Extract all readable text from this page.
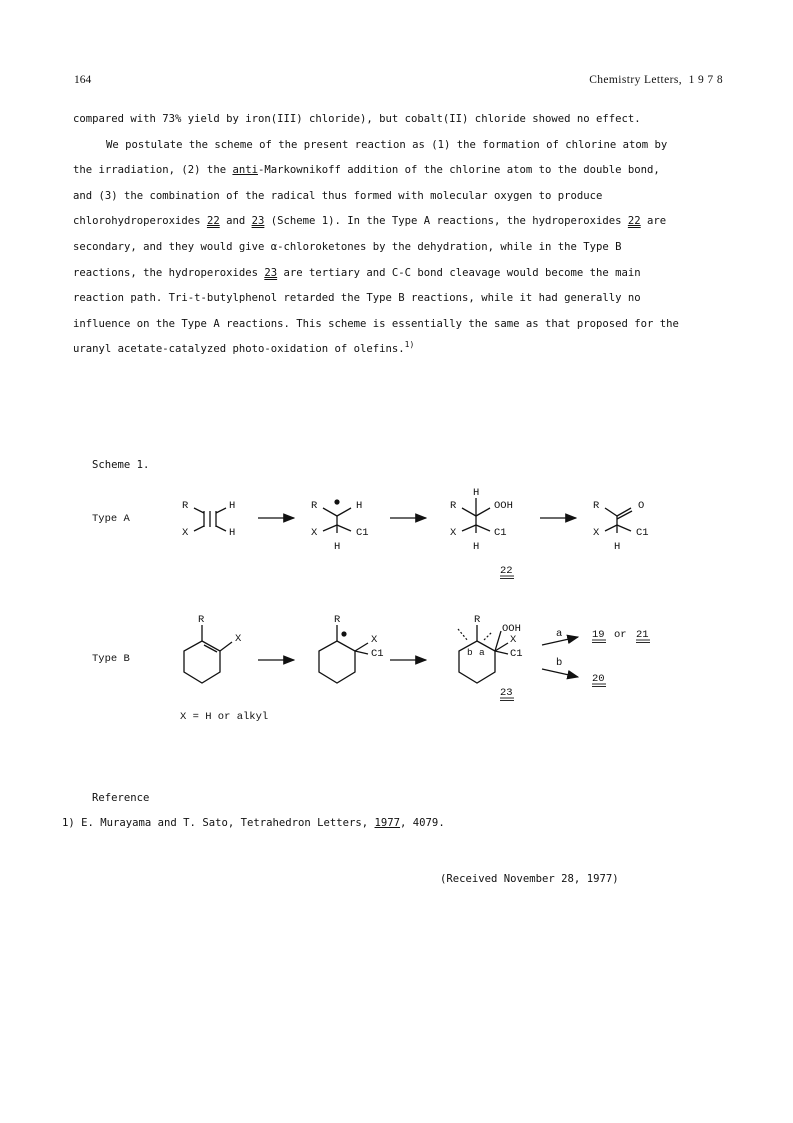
164	Chemistry Letters, 1 9 7 8

compared with 73% yield by iron(III) chloride), but cobalt(II) chloride showed no effect.

We postulate the scheme of the present reaction as (1) the formation of chlorine atom by the irradiation, (2) the anti-Markownikoff addition of the chlorine atom to the double bond, and (3) the combination of the radical thus formed with molecular oxygen to produce chlorohydroperoxides 22 and 23 (Scheme 1). In the Type A reactions, the hydroperoxides 22 are secondary, and they would give α-chloroketones by the dehydration, while in the Type B reactions, the hydroperoxides 23 are tertiary and C-C bond cleavage would become the main reaction path. Tri-t-butylphenol retarded the Type B reactions, while it had generally no influence on the Type A reactions. This scheme is essentially the same as that proposed for the uranyl acetate-catalyzed photo-oxidation of olefins.$^{1)}$

Scheme 1.
Type A
R	H
X	H
R	H
X	C1
H
H
R	OOH
X	C1
H
22
R	O
X	C1
H
Type B
R
X
R
X
C1
R
OOH
X
C1
b a
23
a
b
19 or 21
20
X = H or alkyl
Reference
1) E. Murayama and T. Sato, Tetrahedron Letters, 1977, 4079.
(Received November 28, 1977)
